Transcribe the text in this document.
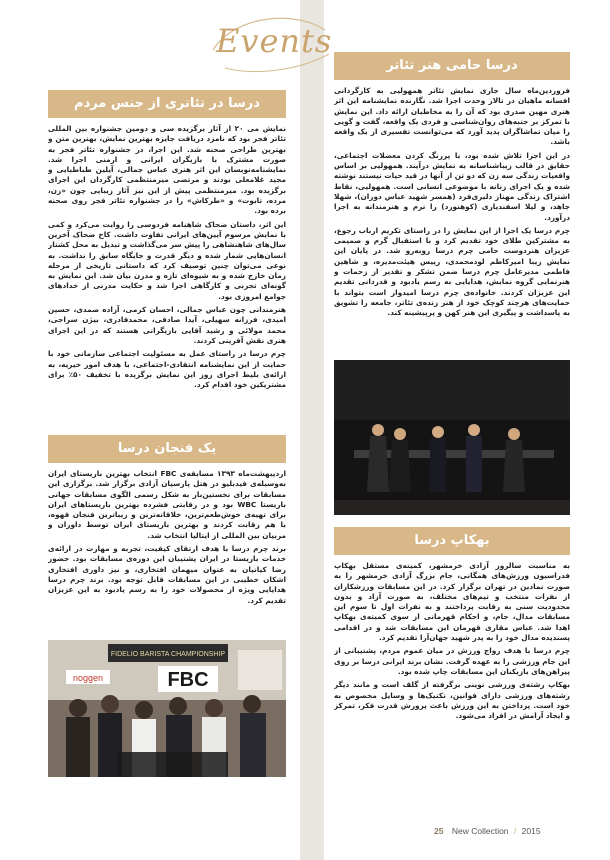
Events
درسا در تئاتری از جنس مردم

نمایش می ۲۰ از آثار برگزیده سی و دومین جشنواره بین المللی تئاتر فجر بود که نامزد دریافت جایزه بهترین نمایش، بهترین متن و بهترین طراحی صحنه شد. این اجرا، در جشنواره تئاتر فجر به صورت مشترک با بازیگران ایرانی و ارمنی اجرا شد. نمایشنامه‌نویسان این اثر هنری عباس جمالی، آیلین طباطبایی و مجید غلامعلی بودند و مرتضی میرمنتظمی کارگردان این اجرای برگزیده بود. میرمنتظمی پیش از این نیز آثار زیبایی چون «زن، مرده، تابوت» و «طرکاش» را در جشنواره تئاتر فجر روی صحنه برده بود.

این اثر، داستان ضحاک شاهنامه فردوسی را روایت می‌کرد و کمی با نمایش مرسوم آیین‌های ایرانی تفاوت داشت. کاخ ضحاک آخرین سال‌های شاهنشاهی را پیش سر می‌گذاشت و تبدیل به محل کشتار انسان‌هایی شمار شده و دیگر قدرت و جایگاه سابق را نداشت. به نوعی می‌توان چنین توصیف کرد که داستانی تاریخی از مرحله زمان خارج شده و به شیوه‌ای تازه و مدرن بیان شد. این نمایش به گونه‌ای تجربی و کارگاهی اجرا شد و حکایت مدرنی از خدادهای جوامع امروزی بود.

هنرمندانی چون عباس جمالی، احسان کرمی، آزاده صمدی، حسین امیدی، فرزانه سهیلی، آیدا صادقی، محمدقادری، بیژن سراجی، محمد مولائی و رشید آقایی بازیگرانی هستند که در این اجرای هنری نقش آفرینی کردند.

چرم درسا در راستای عمل به مسئولیت اجتماعی سازمانی خود با حمایت از این نمایشنامه انتقادی-اجتماعی، با هدف امور خیریه، به ارائه‌ی بلیط اجرای روز این نمایش برگزیده با تخفیف ۵۰٪ برای مشتریکین خود اقدام کرد.

یک فنجان درسا

اردیبهشت‌ماه ۱۳۹۳ مسابقه‌ی FBC انتخاب بهترین باریستای ایران به‌وسیله‌ی فیدبلیو در هتل پارسیان آزادی برگزار شد. برگزاری این مسابقات برای نخستین‌بار به شکل رسمی الگوی مسابقات جهانی باریستا WBC بود و در رقابتی فشرده بهترین باریستاهای ایران برای تهیه‌ی خوش‌طعم‌ترین، خلاقانه‌ترین و زیباترین فنجان قهوه، با هم رقابت کردند و بهترین باریستای ایران توسط داوران و مربیان بین المللی از ایتالیا انتخاب شد.

برند چرم درسا با هدف ارتقای کیفیت، تجربه و مهارت در ارائه‌ی خدمات باریستا در ایران پشتیبان این دوره‌ی مسابقات بود. حضور رضا کیانیان به عنوان میهمان افتخاری، و نیز داوری افتخاری اشکان خطیبی در این مسابقات قابل توجه بود. برند چرم درسا هدایایی ویژه از محصولات خود را به رسم یادبود به این عزیزان تقدیم کرد.

FIDELIO BARISTA CHAMPIONSHIP
FBC
noggen
درسا حامی هنر تئاتر

فروردین‌ماه سال جاری نمایش تئاتر همهولیی به کارگردانی افسانه ماهیان در تالار وحدت اجرا شد. نگارنده نمایشنامه این اثر هنری مهین صدری بود که آن را به مخاطبان ارائه داد. این نمایش با تمرکز بر جنبه‌های روان‌شناسی و فردی یک واقعه، گفت و گویی را میان تماشاگران پدید آورد که می‌توانست تفسیری از یک واقعه باشد.

در این اجرا تلاش شده بود، با پررنگ کردن معضلات اجتماعی، حقایق در قالب زیباشناسانه به نمایش درآیند. همهولیی بر اساس واقعیات زندگی سه زن که دو تن از آنها در قید حیات نیستند نوشته شده و یک اجرای زنانه با موضوعی انسانی است. همهولیی، نقاط اشتراک زندگی مهناز دلیری‌فرد (همسر شهید عباس دوران)، شهلا جاهد، و لیلا اسفندیاری (کوهنورد) را نرم و هنرمندانه به اجرا درآورد.

چرم درسا یک اجرا از این نمایش را در راستای تکریم ارباب رجوع، به مشترکین طلای خود تقدیم کرد و با استقبال گرم و صمیمی عزیزان هنردوست حامی چرم درسا روبه‌رو شد. در پایان این نمایش زیبا امیرکاظم لودمحمدی، رییس هیئت‌مدیره، و شاهین فاطمی مدیرعامل چرم درسا ضمن تشکر و تقدیر از زحمات و هنرنمایی گروه نمایش، هدایایی به رسم یادبود و قدردانی تقدیم این عزیزان کردند. خانواده‌ی چرم درسا امیدوار است بتواند با حمایت‌های هرچند کوچک خود از هنر زنده‌ی تئاتر، جامعه را تشویق به پاسداشت و پیگیری این هنر کهن و پرپیشینه کند.

بهکاپ درسا

به مناسبت سالروز آزادی خرمشهر، کمیته‌ی مستقل بهکاپ فدراسیون ورزش‌های همگانی، جام بزرگ آزادی خرمشهر را به صورت نمادین در تهران برگزار کرد. در این مسابقات ورزشکاران از نفرات منتخب و تیم‌های مختلف، به صورت آزاد و بدون محدودیت سنی به رقابت پرداختند و به نفرات اول تا سوم این مسابقات مدال، جام، و احکام قهرمانی از سوی کمیته‌ی بهکاپ اهدا شد. عباس مقاری قهرمان این مسابقات شد و در اقدامی پسندیده مدال خود را به پدر شهید جهان‌آرا تقدیم کرد.

چرم درسا با هدف رواج ورزش در میان عموم مردم، پشتیبانی از این جام ورزشی را به عهده گرفت. نشان برند ایرانی درسا بر روی پیراهن‌های بازیکنان این مسابقات چاپ شده بود.

بهکاپ رشته‌ی ورزشی نوینی برگرفته از گلف است و مانند دیگر رشته‌های ورزشی دارای قوانین، تکنیک‌ها و وسایل مخصوص به خود است. پرداختن به این ورزش باعث پرورش قدرت فکر، تمرکز و ایجاد آرامش در افراد می‌شود.

25 New Collection / 2015
